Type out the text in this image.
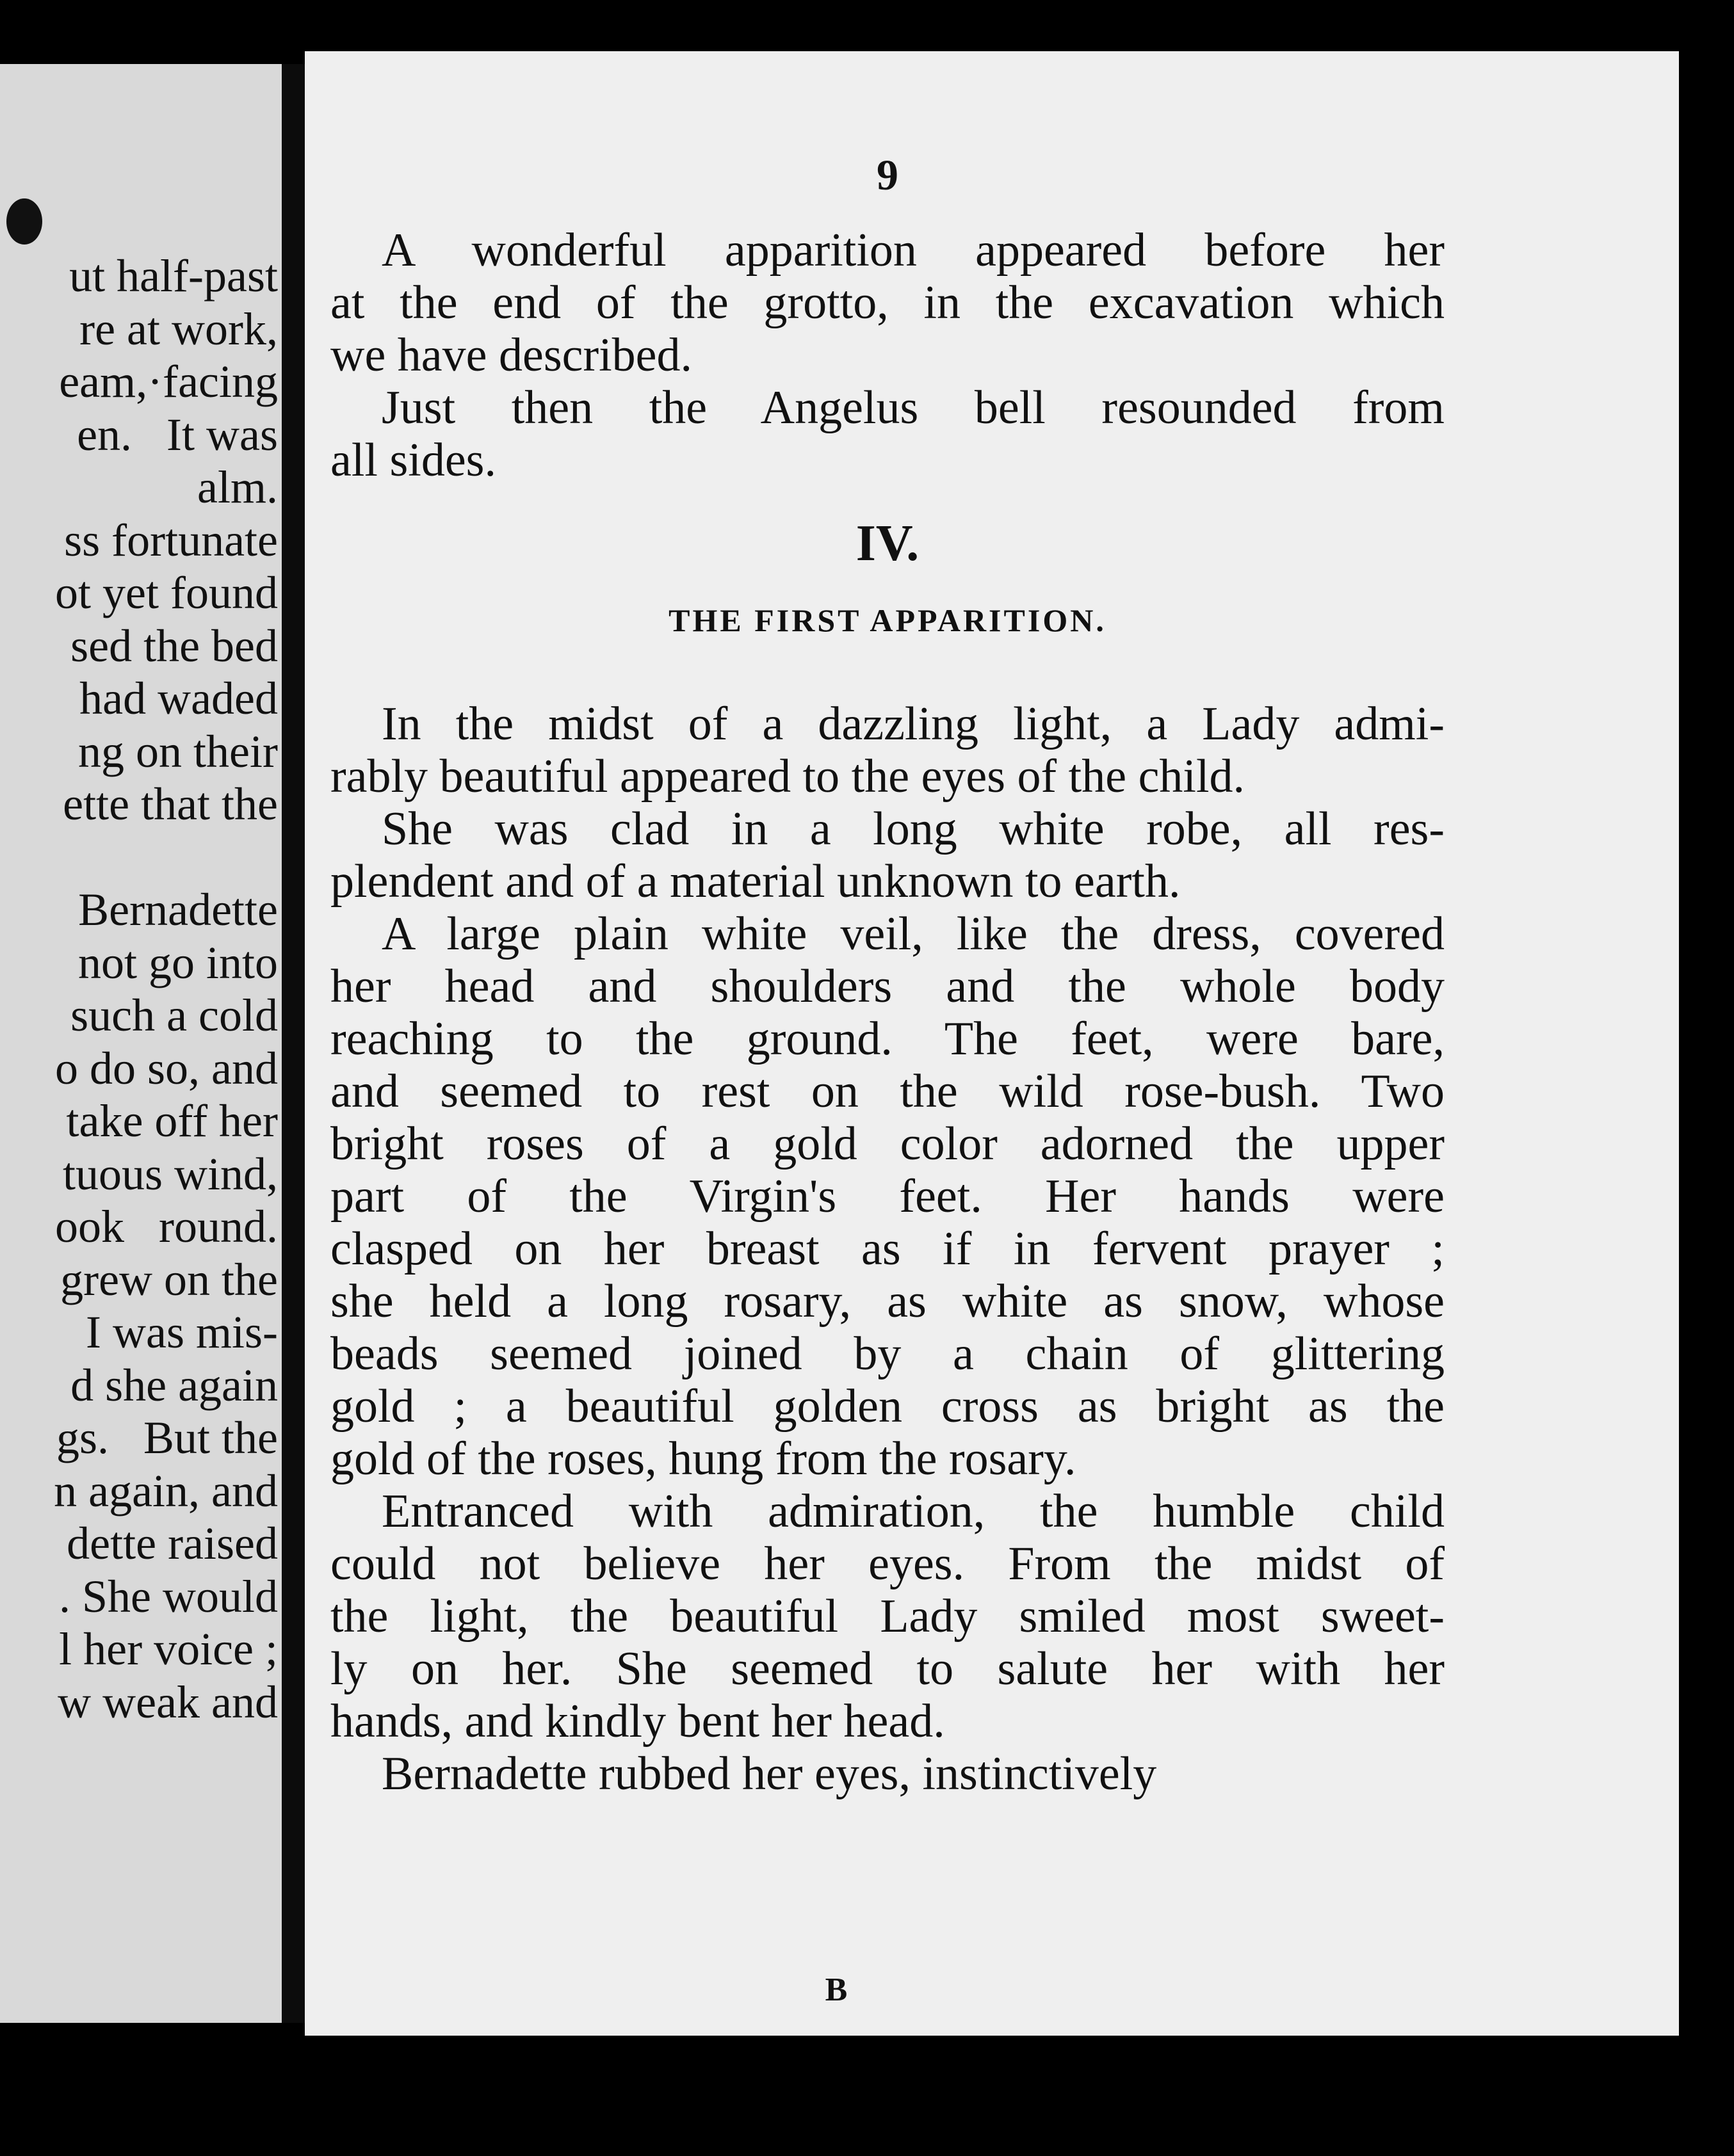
ut half-past
re at work,
eam,·facing
en.   It was
alm.
ss fortunate
ot yet found
sed the bed
had waded
ng on their
ette that the

Bernadette
not go into
such a cold
o do so, and
take off her
tuous wind,
ook   round.
grew on the
I was mis-
d she again
gs.   But the
n again, and
dette raised
. She would
l her voice ;
w weak and
9
A wonderful apparition appeared before her
at the end of the grotto, in the excavation which
we have described.
Just then the Angelus bell resounded from
all sides.
IV.
THE FIRST APPARITION.
In the midst of a dazzling light, a Lady admi-
rably beautiful appeared to the eyes of the child.
She was clad in a long white robe, all res-
plendent and of a material unknown to earth.
A large plain white veil, like the dress, covered
her head and shoulders and the whole body
reaching to the ground. The feet, were bare,
and seemed to rest on the wild rose-bush. Two
bright roses of a gold color adorned the upper
part of the Virgin's feet. Her hands were
clasped on her breast as if in fervent prayer ;
she held a long rosary, as white as snow, whose
beads seemed joined by a chain of glittering
gold ; a beautiful golden cross as bright as the
gold of the roses, hung from the rosary.
Entranced with admiration, the humble child
could not believe her eyes. From the midst of
the light, the beautiful Lady smiled most sweet-
ly on her. She seemed to salute her with her
hands, and kindly bent her head.
Bernadette rubbed her eyes, instinctively
B
